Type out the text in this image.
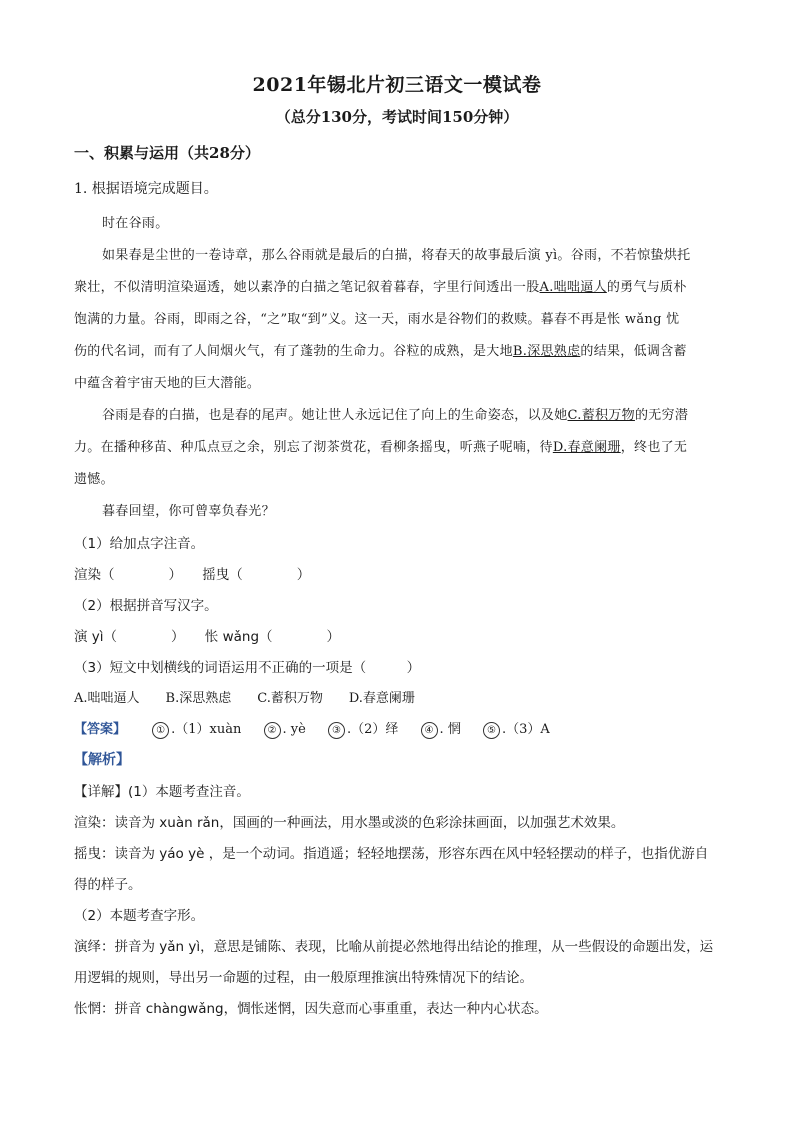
2021年锡北片初三语文一模试卷
（总分130分，考试时间150分钟）
一、积累与运用（共28分）
1. 根据语境完成题目。
时在谷雨。
如果春是尘世的一卷诗章，那么谷雨就是最后的白描，将春天的故事最后演 yì。谷雨，不若惊蛰烘托
衆壮，不似清明渲染逼透，她以素净的白描之笔记叙着暮春，字里行间透出一股A.咄咄逼人的勇气与质朴
饱满的力量。谷雨，即雨之谷，“之”取“到”义。这一天，雨水是谷物们的救赎。暮春不再是怅 wǎng 忧
伤的代名词，而有了人间烟火气，有了蓬勃的生命力。谷粒的成熟，是大地B.深思熟虑的结果，低调含蓄
中蕴含着宇宙天地的巨大潜能。
谷雨是春的白描，也是春的尾声。她让世人永远记住了向上的生命姿态，以及她C.蓄积万物的无穷潜
力。在播种移苗、种瓜点豆之余，别忘了沏茶赏花，看柳条摇曳，听燕子呢喃，待D.春意阑珊，终也了无
遗憾。
暮春回望，你可曾辜负春光？
（1）给加点字注音。
渲染（　　　　）　　摇曳（　　　　）
（2）根据拼音写汉字。
演 yì（　　　　）　　怅 wǎng（　　　　）
（3）短文中划横线的词语运用不正确的一项是（　　　）
A.咄咄逼人　　B.深思熟虑　　C.蓄积万物　　D.春意阑珊
【答案】	① .（1）xuàn	② . yè	③ .（2）绎	④ . 惘	⑤ .（3）A
【解析】
【详解】(1）本题考查注音。
渲染：读音为 xuàn rǎn，国画的一种画法，用水墨或淡的色彩涂抹画面，以加强艺术效果。
摇曳：读音为 yáo yè ，是一个动词。指逍遥；轻轻地摆荡，形容东西在风中轻轻摆动的样子，也指优游自
得的样子。
（2）本题考查字形。
演绎：拼音为 yǎn yì，意思是铺陈、表现，比喻从前提必然地得出结论的推理，从一些假设的命题出发，运
用逻辑的规则，导出另一命题的过程，由一般原理推演出特殊情况下的结论。
怅惘：拼音 chàngwǎng，惆怅迷惘，因失意而心事重重，表达一种内心状态。
